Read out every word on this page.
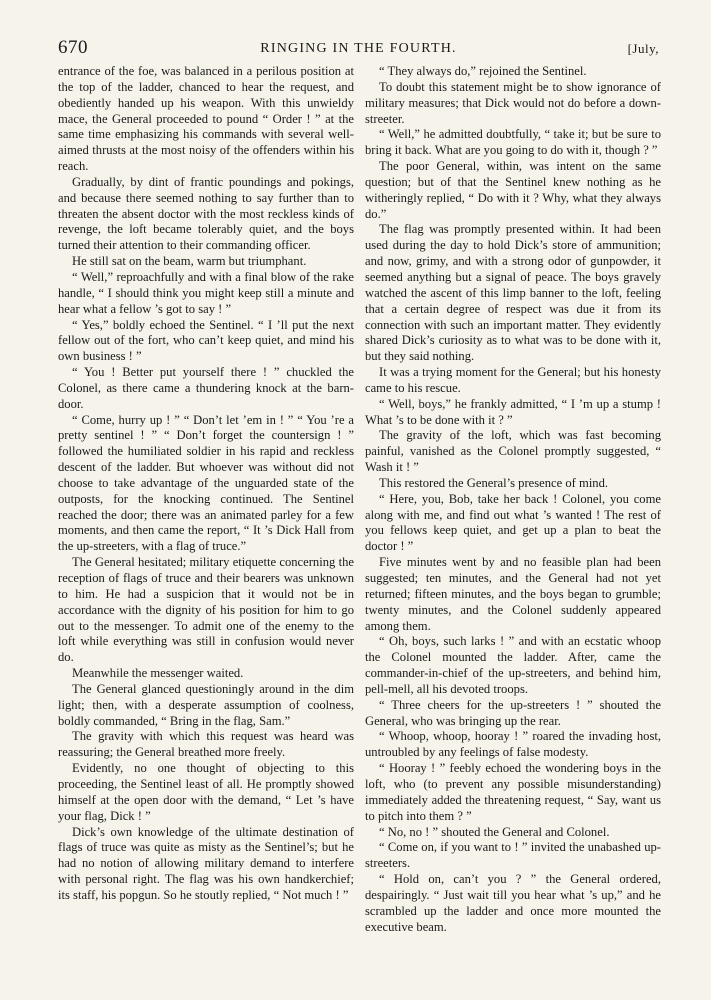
670	RINGING IN THE FOURTH.	[July,

entrance of the foe, was balanced in a perilous position at the top of the ladder, chanced to hear the request, and obediently handed up his weapon. With this unwieldy mace, the General proceeded to pound “ Order ! ” at the same time emphasizing his commands with several well-aimed thrusts at the most noisy of the offenders within his reach.

Gradually, by dint of frantic poundings and pokings, and because there seemed nothing to say further than to threaten the absent doctor with the most reckless kinds of revenge, the loft became tolerably quiet, and the boys turned their attention to their commanding officer.

He still sat on the beam, warm but triumphant.

“ Well,” reproachfully and with a final blow of the rake handle, “ I should think you might keep still a minute and hear what a fellow ’s got to say ! ”

“ Yes,” boldly echoed the Sentinel. “ I ’ll put the next fellow out of the fort, who can’t keep quiet, and mind his own business ! ”

“ You ! Better put yourself there ! ” chuckled the Colonel, as there came a thundering knock at the barn-door.

“ Come, hurry up ! ” “ Don’t let ’em in ! ” “ You ’re a pretty sentinel ! ” “ Don’t forget the countersign ! ” followed the humiliated soldier in his rapid and reckless descent of the ladder. But whoever was without did not choose to take advantage of the unguarded state of the outposts, for the knocking continued. The Sentinel reached the door; there was an animated parley for a few moments, and then came the report, “ It ’s Dick Hall from the up-streeters, with a flag of truce.”

The General hesitated; military etiquette concerning the reception of flags of truce and their bearers was unknown to him. He had a suspicion that it would not be in accordance with the dignity of his position for him to go out to the messenger. To admit one of the enemy to the loft while everything was still in confusion would never do.

Meanwhile the messenger waited.

The General glanced questioningly around in the dim light; then, with a desperate assumption of coolness, boldly commanded, “ Bring in the flag, Sam.”

The gravity with which this request was heard was reassuring; the General breathed more freely.

Evidently, no one thought of objecting to this proceeding, the Sentinel least of all. He promptly showed himself at the open door with the demand, “ Let ’s have your flag, Dick ! ”

Dick’s own knowledge of the ultimate destination of flags of truce was quite as misty as the Sentinel’s; but he had no notion of allowing military demand to interfere with personal right. The flag was his own handkerchief; its staff, his popgun. So he stoutly replied, “ Not much ! ”

“ They always do,” rejoined the Sentinel.

To doubt this statement might be to show ignorance of military measures; that Dick would not do before a down-streeter.

“ Well,” he admitted doubtfully, “ take it; but be sure to bring it back. What are you going to do with it, though ? ”

The poor General, within, was intent on the same question; but of that the Sentinel knew nothing as he witheringly replied, “ Do with it ? Why, what they always do.”

The flag was promptly presented within. It had been used during the day to hold Dick’s store of ammunition; and now, grimy, and with a strong odor of gunpowder, it seemed anything but a signal of peace. The boys gravely watched the ascent of this limp banner to the loft, feeling that a certain degree of respect was due it from its connection with such an important matter. They evidently shared Dick’s curiosity as to what was to be done with it, but they said nothing.

It was a trying moment for the General; but his honesty came to his rescue.

“ Well, boys,” he frankly admitted, “ I ’m up a stump ! What ’s to be done with it ? ”

The gravity of the loft, which was fast becoming painful, vanished as the Colonel promptly suggested, “ Wash it ! ”

This restored the General’s presence of mind.

“ Here, you, Bob, take her back ! Colonel, you come along with me, and find out what ’s wanted ! The rest of you fellows keep quiet, and get up a plan to beat the doctor ! ”

Five minutes went by and no feasible plan had been suggested; ten minutes, and the General had not yet returned; fifteen minutes, and the boys began to grumble; twenty minutes, and the Colonel suddenly appeared among them.

“ Oh, boys, such larks ! ” and with an ecstatic whoop the Colonel mounted the ladder. After, came the commander-in-chief of the up-streeters, and behind him, pell-mell, all his devoted troops.

“ Three cheers for the up-streeters ! ” shouted the General, who was bringing up the rear.

“ Whoop, whoop, hooray ! ” roared the invading host, untroubled by any feelings of false modesty.

“ Hooray ! ” feebly echoed the wondering boys in the loft, who (to prevent any possible misunderstanding) immediately added the threatening request, “ Say, want us to pitch into them ? ”

“ No, no ! ” shouted the General and Colonel.

“ Come on, if you want to ! ” invited the unabashed up-streeters.

“ Hold on, can’t you ? ” the General ordered, despairingly. “ Just wait till you hear what ’s up,” and he scrambled up the ladder and once more mounted the executive beam.
